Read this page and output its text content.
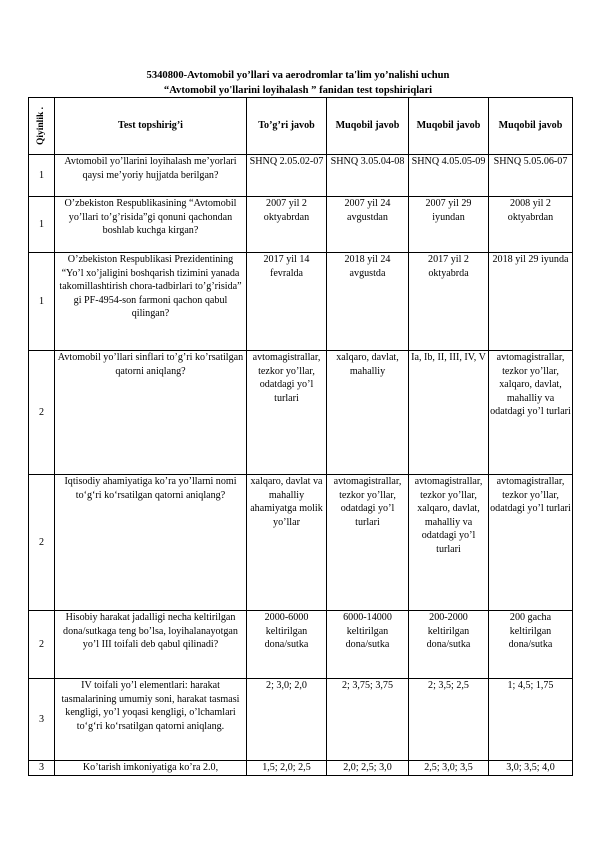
5340800-Avtomobil yo’llari va aerodromlar ta'lim yo’nalishi uchun
“Avtomobil yo'llarini loyihalash ” fanidan test topshiriqlari
Qiyinlik .	Test topshirig’i	To’g’ri javob	Muqobil javob	Muqobil javob	Muqobil javob
1	Avtomobil yo’llarini loyihalash me’yorlari qaysi me’yoriy hujjatda berilgan?	SHNQ 2.05.02-07	SHNQ 3.05.04-08	SHNQ 4.05.05-09	SHNQ 5.05.06-07
1	O’zbekiston Respublikasining “Avtomobil yo’llari to’g’risida”gi qonuni qachondan boshlab kuchga kirgan?	2007 yil 2 oktyabrdan	2007 yil 24 avgustdan	2007 yil 29 iyundan	2008 yil 2 oktyabrdan
1	O’zbekiston Respublikasi Prezidentining “Yo’l xo’jaligini boshqarish tizimini yanada takomillashtirish chora-tadbirlari to’g’risida” gi PF-4954-son farmoni qachon qabul qilingan?	2017 yil 14 fevralda	2018 yil 24 avgustda	2017 yil 2 oktyabrda	2018 yil 29 iyunda
2	Avtomobil yo’llari sinflari to’g’ri ko’rsatilgan qatorni aniqlang?	avtomagistrallar, tezkor yo’llar, odatdagi yo’l turlari	xalqaro, davlat, mahalliy	Ia, Ib, II, III, IV, V	avtomagistrallar, tezkor yo’llar, xalqaro, davlat, mahalliy va odatdagi yo’l turlari
2	Iqtisodiy ahamiyatiga ko’ra yo’llarni nomi to‘g‘ri ko‘rsatilgan qatorni aniqlang?	xalqaro, davlat va mahalliy ahamiyatga molik yo’llar	avtomagistrallar, tezkor yo’llar, odatdagi yo’l turlari	avtomagistrallar, tezkor yo’llar, xalqaro, davlat, mahalliy va odatdagi yo’l turlari	avtomagistrallar, tezkor yo’llar, odatdagi yo’l turlari
2	Hisobiy harakat jadalligi necha keltirilgan dona/sutkaga teng bo’lsa, loyihalanayotgan yo’l III toifali deb qabul qilinadi?	2000-6000 keltirilgan dona/sutka	6000-14000 keltirilgan dona/sutka	200-2000 keltirilgan dona/sutka	200 gacha keltirilgan dona/sutka
3	IV toifali yo’l elementlari: harakat tasmalarining umumiy soni, harakat tasmasi kengligi, yo’l yoqasi kengligi, o’lchamlari to‘g‘ri ko‘rsatilgan qatorni aniqlang.	2; 3,0; 2,0	2; 3,75; 3,75	2; 3,5; 2,5	1; 4,5; 1,75
3	Ko’tarish imkoniyatiga ko’ra 2.0,	1,5; 2,0; 2,5	2,0; 2,5; 3,0	2,5; 3,0; 3,5	3,0; 3,5; 4,0
